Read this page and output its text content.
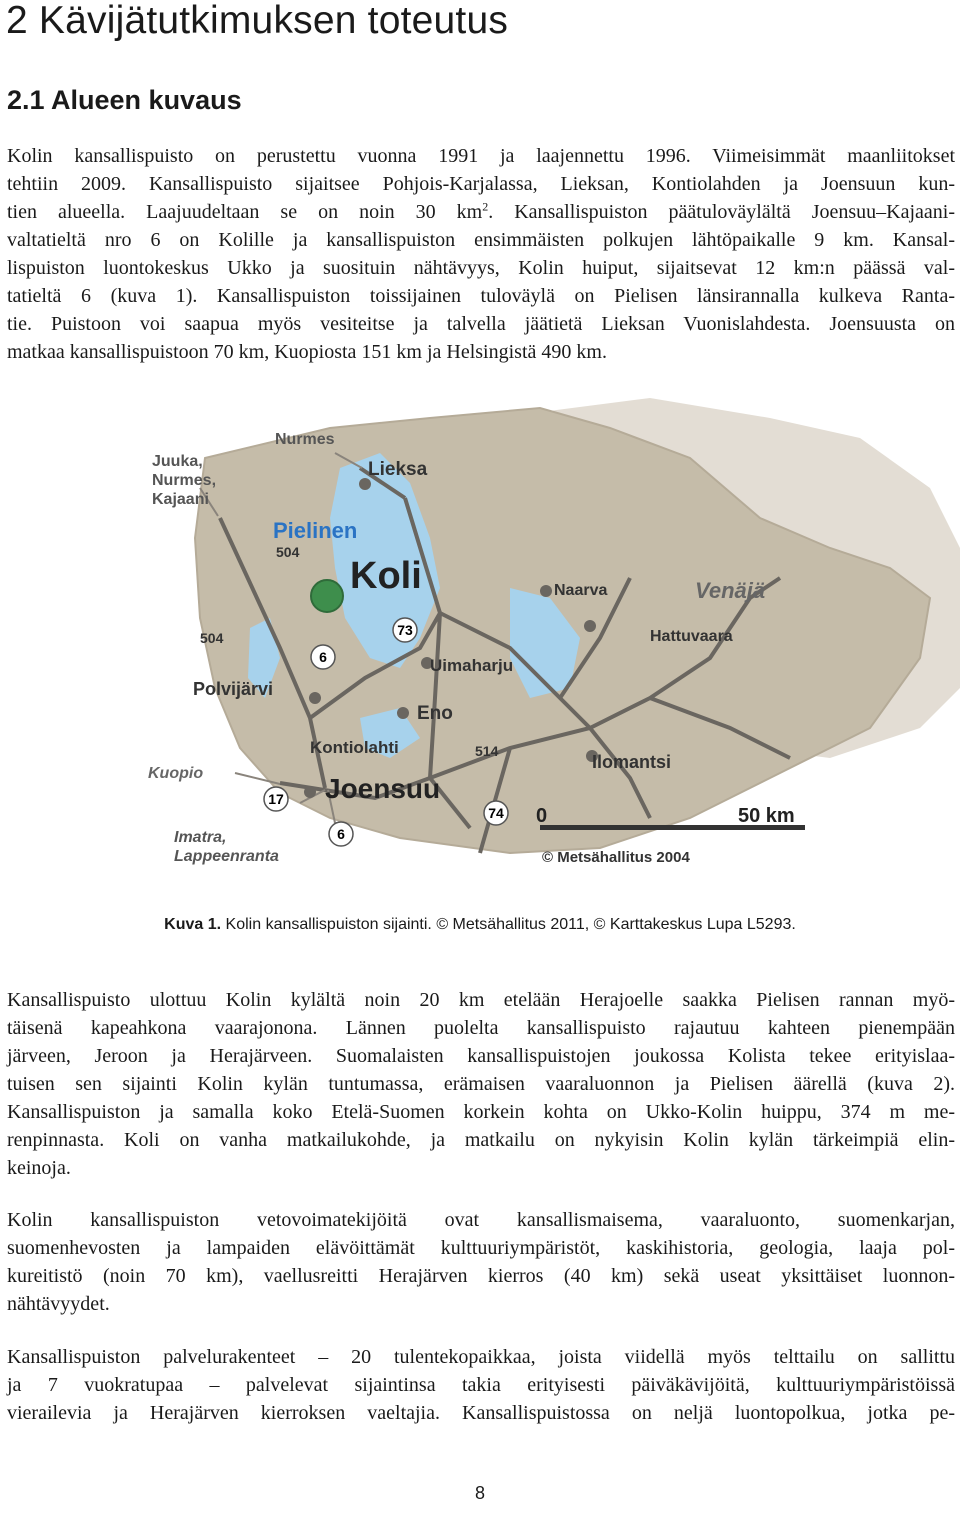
2 Kävijätutkimuksen toteutus
2.1 Alueen kuvaus
Kolin kansallispuisto on perustettu vuonna 1991 ja laajennettu 1996. Viimeisimmät maanliitokset
tehtiin 2009. Kansallispuisto sijaitsee Pohjois-Karjalassa, Lieksan, Kontiolahden ja Joensuun kun-
tien alueella. Laajuudeltaan se on noin 30 $km^2$. Kansallispuiston päätuloväylältä Joensuu–Kajaani-
valtatieltä nro 6 on Kolille ja kansallispuiston ensimmäisten polkujen lähtöpaikalle 9 km. Kansal-
lispuiston luontokeskus Ukko ja suosituin nähtävyys, Kolin huiput, sijaitsevat 12 km:n päässä val-
tatieltä 6 (kuva 1). Kansallispuiston toissijainen tuloväylä on Pielisen länsirannalla kulkeva Ranta-
tie. Puistoon voi saapua myös vesiteitse ja talvella jäätietä Lieksan Vuonislahdesta. Joensuusta on
matkaa kansallispuistoon 70 km, Kuopiosta 151 km ja Helsingistä 490 km.
73
6
17
6
74
504
504
514
Nurmes
Juuka,
Nurmes,
Kajaani
Lieksa
Pielinen
Koli	Naarva	Venäjä
Hattuvaara
Uimaharju
Polvijärvi
Eno
Kontiolahti
Ilomantsi
Kuopio	Joensuu
Imatra,
Lappeenranta
0	50 km
© Metsähallitus 2004
Kuva 1. Kolin kansallispuiston sijainti. © Metsähallitus 2011, © Karttakeskus Lupa L5293.
Kansallispuisto ulottuu Kolin kylältä noin 20 km etelään Herajoelle saakka Pielisen rannan myö-
täisenä kapeahkona vaarajonona. Lännen puolelta kansallispuisto rajautuu kahteen pienempään
järveen, Jeroon ja Herajärveen. Suomalaisten kansallispuistojen joukossa Kolista tekee erityislaa-
tuisen sen sijainti Kolin kylän tuntumassa, erämaisen vaaraluonnon ja Pielisen äärellä (kuva 2).
Kansallispuiston ja samalla koko Etelä-Suomen korkein kohta on Ukko-Kolin huippu, 374 m me-
renpinnasta. Koli on vanha matkailukohde, ja matkailu on nykyisin Kolin kylän tärkeimpiä elin-
keinoja.
Kolin kansallispuiston vetovoimatekijöitä ovat kansallismaisema, vaaraluonto, suomenkarjan,
suomenhevosten ja lampaiden elävöittämät kulttuuriympäristöt, kaskihistoria, geologia, laaja pol-
kureitistö (noin 70 km), vaellusreitti Herajärven kierros (40 km) sekä useat yksittäiset luonnon-
nähtävyydet.
Kansallispuiston palvelurakenteet – 20 tulentekopaikkaa, joista viidellä myös telttailu on sallittu
ja 7 vuokratupaa – palvelevat sijaintinsa takia erityisesti päiväkävijöitä, kulttuuriympäristöissä
vierailevia ja Herajärven kierroksen vaeltajia. Kansallispuistossa on neljä luontopolkua, jotka pe-
8
